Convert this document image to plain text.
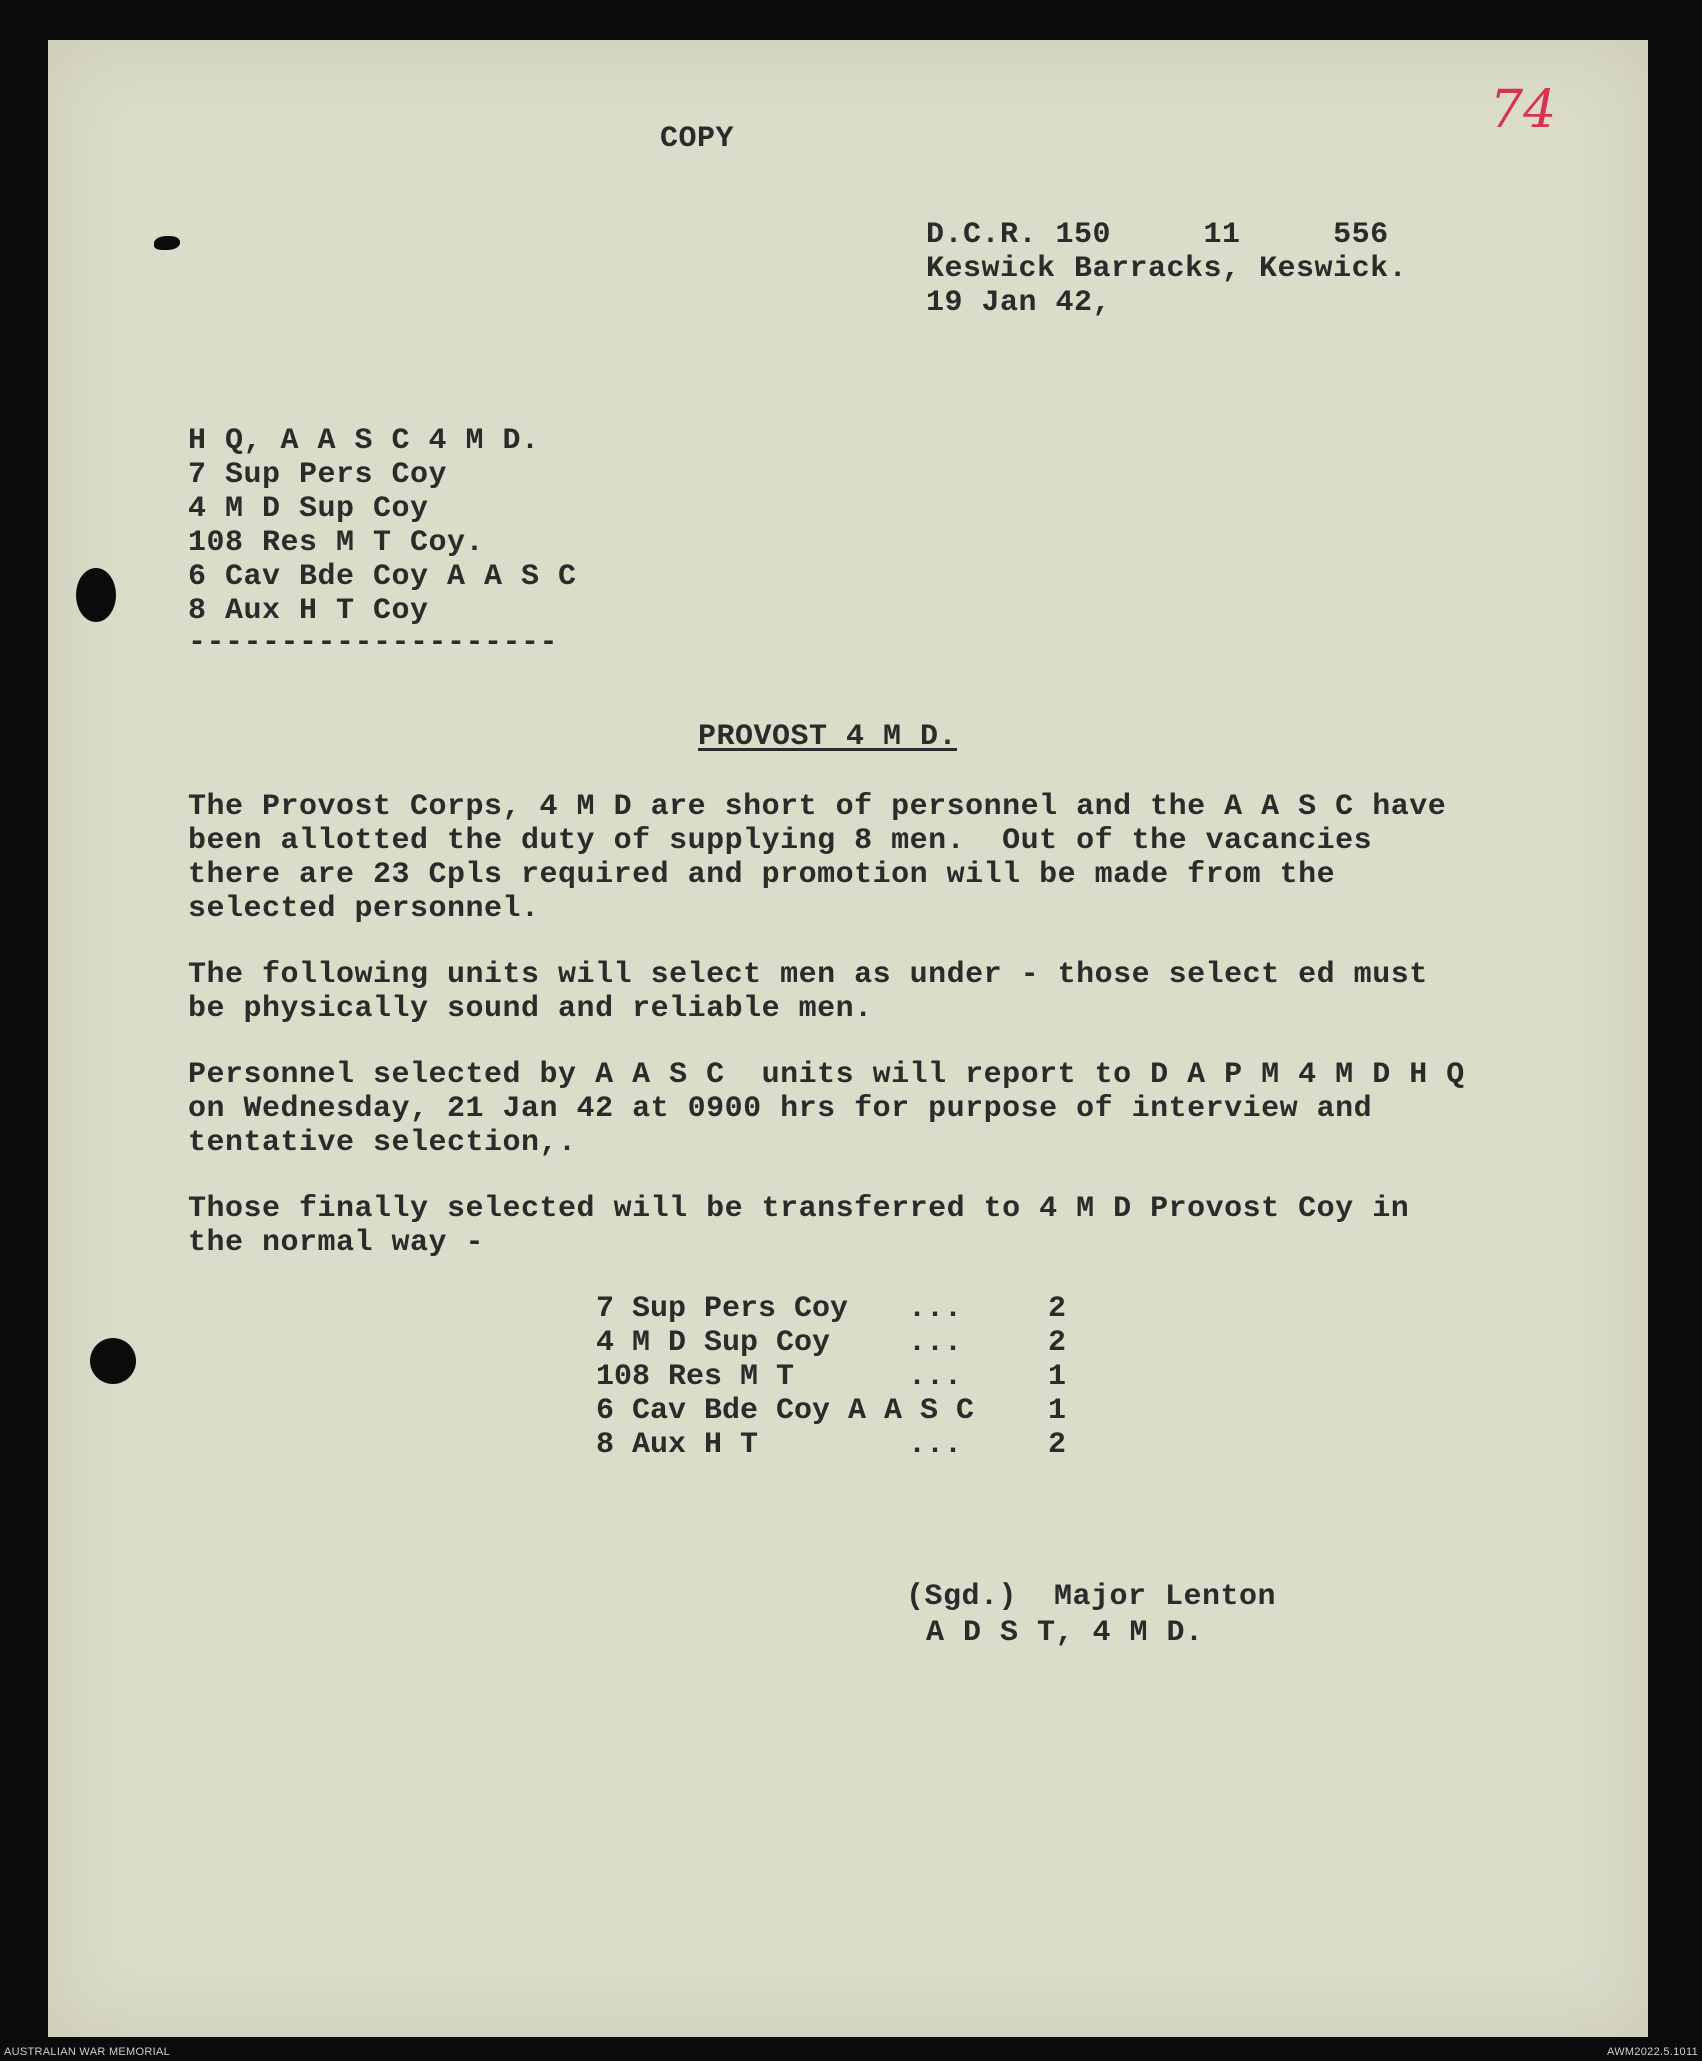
74
COPY
D.C.R. 150     11     556
Keswick Barracks, Keswick.
19 Jan 42,
H Q, A A S C 4 M D.
7 Sup Pers Coy
4 M D Sup Coy
108 Res M T Coy.
6 Cav Bde Coy A A S C
8 Aux H T Coy
--------------------
PROVOST 4 M D.
The Provost Corps, 4 M D are short of personnel and the A A S C have
been allotted the duty of supplying 8 men.  Out of the vacancies
there are 23 Cpls required and promotion will be made from the
selected personnel.
The following units will select men as under - those select ed must
be physically sound and reliable men.
Personnel selected by A A S C  units will report to D A P M 4 M D H Q
on Wednesday, 21 Jan 42 at 0900 hrs for purpose of interview and
tentative selection,.
Those finally selected will be transferred to 4 M D Provost Coy in
the normal way -
7 Sup Pers Coy ...	2
4 M D Sup Coy	...	2
108 Res M T	...	1
6 Cav Bde Coy A A S C 1
8 Aux H T	...	2
(Sgd.)  Major Lenton
A D S T, 4 M D.
AUSTRALIAN WAR MEMORIAL	AWM2022.5.1011
